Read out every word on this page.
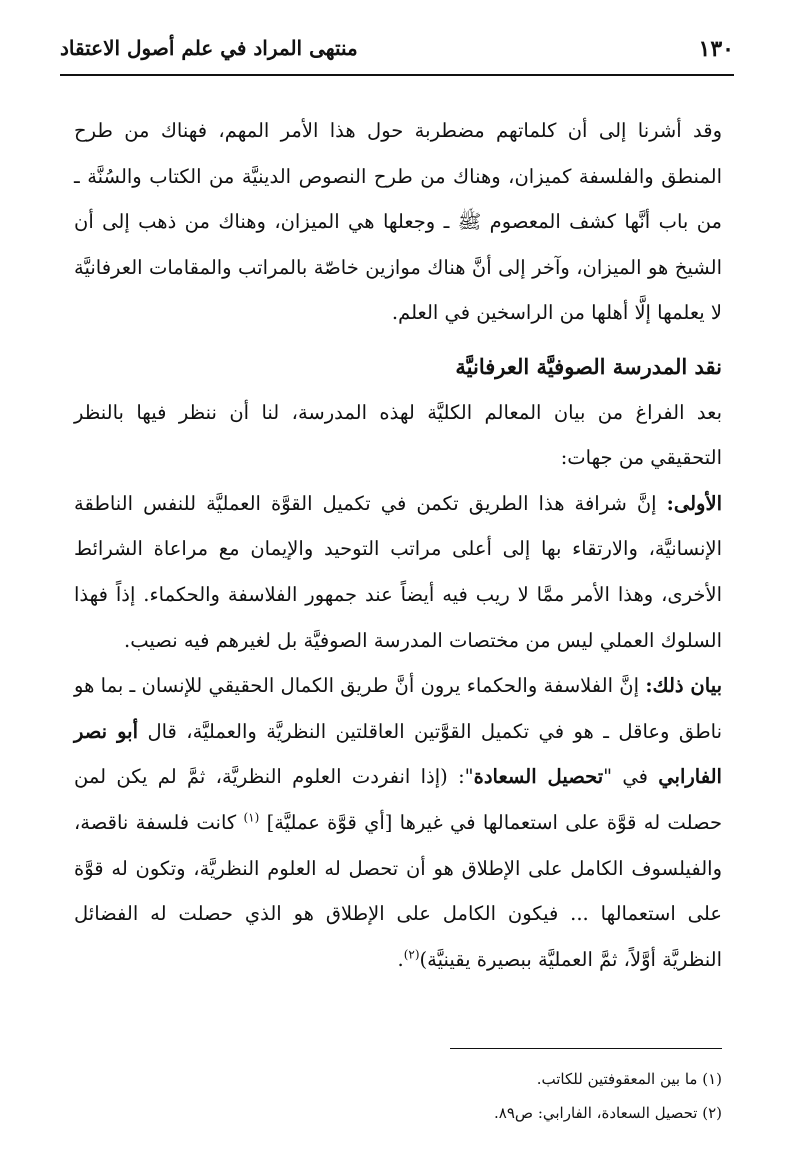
١٣٠
منتهى المراد في علم أصول الاعتقاد

وقد أشرنا إلى أن كلماتهم مضطربة حول هذا الأمر المهم، فهناك من طرح المنطق والفلسفة كميزان، وهناك من طرح النصوص الدينيَّة من الكتاب والسُنَّة ـ من باب أنَّها كشف المعصوم ﷺ ـ وجعلها هي الميزان، وهناك من ذهب إلى أن الشيخ هو الميزان، وآخر إلى أنَّ هناك موازين خاصّة بالمراتب والمقامات العرفانيَّة لا يعلمها إلَّا أهلها من الراسخين في العلم.

نقد المدرسة الصوفيَّة العرفانيَّة

بعد الفراغ من بيان المعالم الكليَّة لهذه المدرسة، لنا أن ننظر فيها بالنظر التحقيقي من جهات:

الأولى: إنَّ شرافة هذا الطريق تكمن في تكميل القوَّة العمليَّة للنفس الناطقة الإنسانيَّة، والارتقاء بها إلى أعلى مراتب التوحيد والإيمان مع مراعاة الشرائط الأخرى، وهذا الأمر ممَّا لا ريب فيه أيضاً عند جمهور الفلاسفة والحكماء. إذاً فهذا السلوك العملي ليس من مختصات المدرسة الصوفيَّة بل لغيرهم فيه نصيب.

بيان ذلك: إنَّ الفلاسفة والحكماء يرون أنَّ طريق الكمال الحقيقي للإنسان ـ بما هو ناطق وعاقل ـ هو في تكميل القوَّتين العاقلتين النظريَّة والعمليَّة، قال أبو نصر الفارابي في "تحصيل السعادة": (إذا انفردت العلوم النظريَّة، ثمَّ لم يكن لمن حصلت له قوَّة على استعمالها في غيرها [أي قوَّة عمليَّة] $^{(١)}$ كانت فلسفة ناقصة، والفيلسوف الكامل على الإطلاق هو أن تحصل له العلوم النظريَّة، وتكون له قوَّة على استعمالها ... فيكون الكامل على الإطلاق هو الذي حصلت له الفضائل النظريَّة أوَّلاً، ثمَّ العمليَّة ببصيرة يقينيَّة)$^{(٢)}$.

(١) ما بين المعقوفتين للكاتب.
(٢) تحصيل السعادة، الفارابي: ص٨٩.
